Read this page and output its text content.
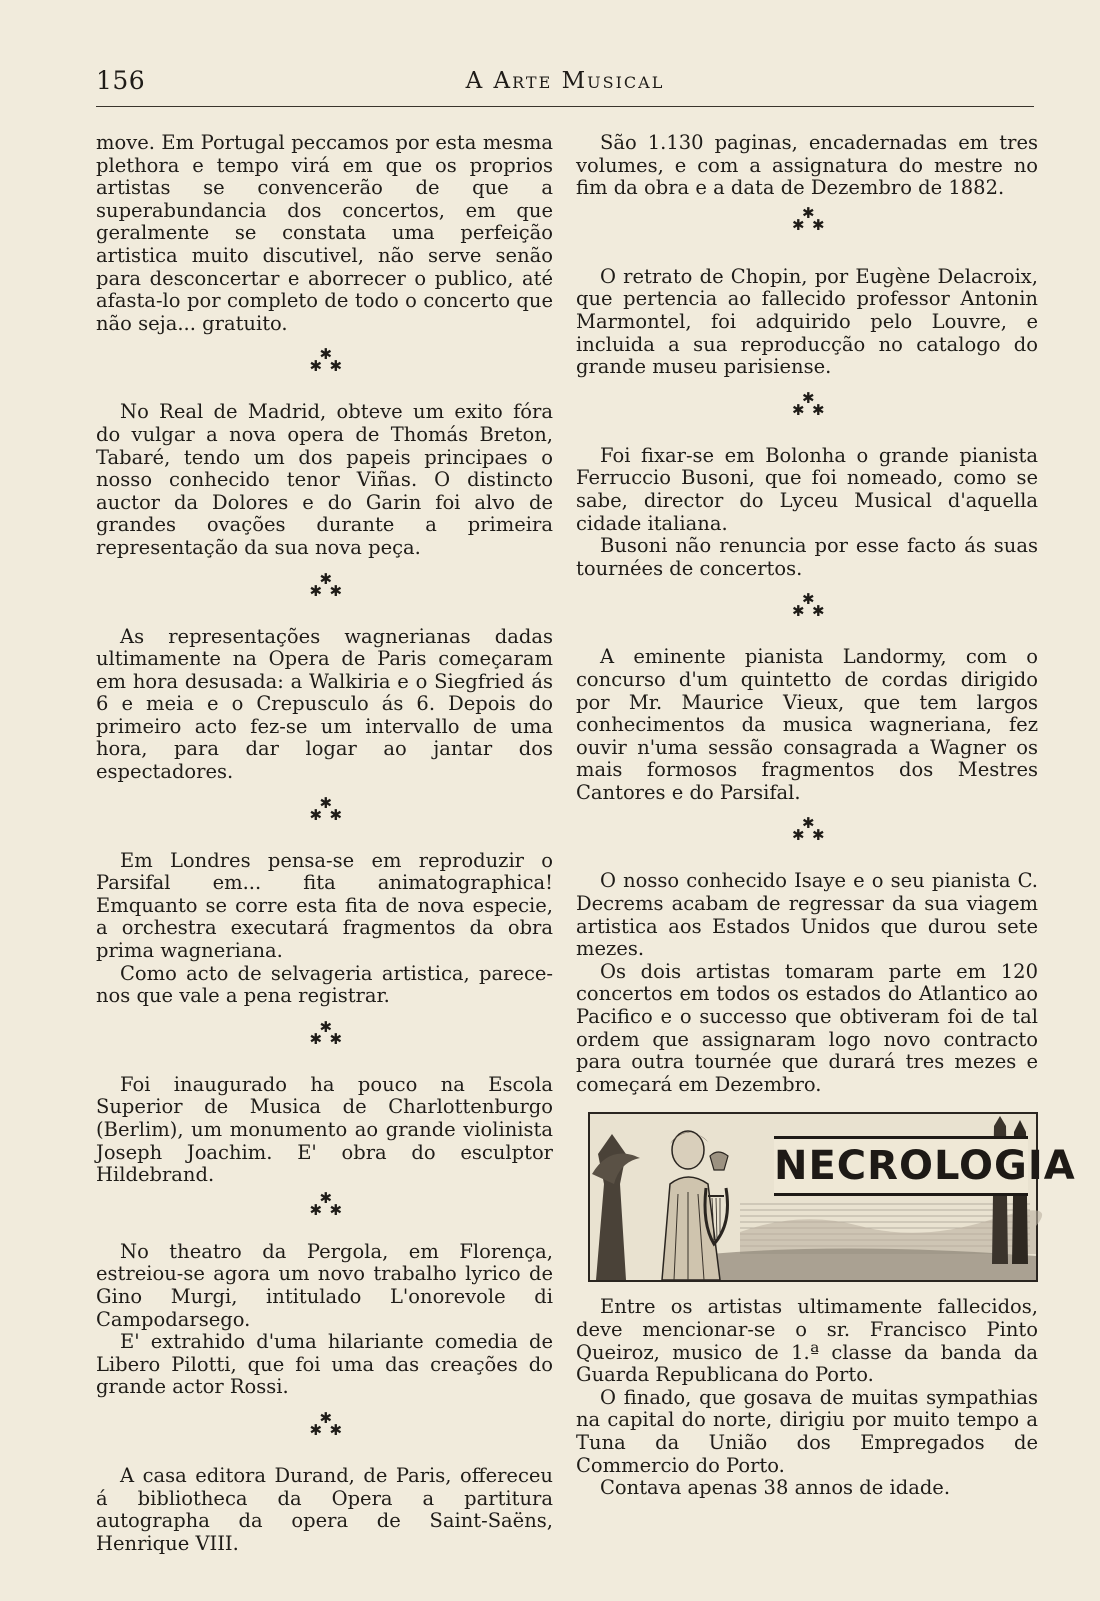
156	A Arte Musical

move. Em Portugal peccamos por esta mesma plethora e tempo virá em que os proprios artistas se convencerão de que a superabundancia dos concertos, em que geralmente se constata uma perfeição artistica muito discutivel, não serve senão para desconcertar e aborrecer o publico, até afasta-lo por completo de todo o concerto que não seja... gratuito.

✱
✱ ✱

No Real de Madrid, obteve um exito fóra do vulgar a nova opera de Thomás Breton, Tabaré, tendo um dos papeis principaes o nosso conhecido tenor Viñas. O distincto auctor da Dolores e do Garin foi alvo de grandes ovações durante a primeira representação da sua nova peça.

✱
✱ ✱

As representações wagnerianas dadas ultimamente na Opera de Paris começaram em hora desusada: a Walkiria e o Siegfried ás 6 e meia e o Crepusculo ás 6. Depois do primeiro acto fez-se um intervallo de uma hora, para dar logar ao jantar dos espectadores.

✱
✱ ✱

Em Londres pensa-se em reproduzir o Parsifal em... fita animatographica! Emquanto se corre esta fita de nova especie, a orchestra executará fragmentos da obra prima wagneriana.

Como acto de selvageria artistica, parece-nos que vale a pena registrar.

✱
✱ ✱

Foi inaugurado ha pouco na Escola Superior de Musica de Charlottenburgo (Berlim), um monumento ao grande violinista Joseph Joachim. E' obra do esculptor Hildebrand.

✱
✱ ✱

No theatro da Pergola, em Florença, estreiou-se agora um novo trabalho lyrico de Gino Murgi, intitulado L'onorevole di Campodarsego.

E' extrahido d'uma hilariante comedia de Libero Pilotti, que foi uma das creações do grande actor Rossi.

✱
✱ ✱

A casa editora Durand, de Paris, offereceu á bibliotheca da Opera a partitura autographa da opera de Saint-Saëns, Henrique VIII.

São 1.130 paginas, encadernadas em tres volumes, e com a assignatura do mestre no fim da obra e a data de Dezembro de 1882.

✱
✱ ✱

O retrato de Chopin, por Eugène Delacroix, que pertencia ao fallecido professor Antonin Marmontel, foi adquirido pelo Louvre, e incluida a sua reproducção no catalogo do grande museu parisiense.

✱
✱ ✱

Foi fixar-se em Bolonha o grande pianista Ferruccio Busoni, que foi nomeado, como se sabe, director do Lyceu Musical d'aquella cidade italiana.

Busoni não renuncia por esse facto ás suas tournées de concertos.

✱
✱ ✱

A eminente pianista Landormy, com o concurso d'um quintetto de cordas dirigido por Mr. Maurice Vieux, que tem largos conhecimentos da musica wagneriana, fez ouvir n'uma sessão consagrada a Wagner os mais formosos fragmentos dos Mestres Cantores e do Parsifal.

✱
✱ ✱

O nosso conhecido Isaye e o seu pianista C. Decrems acabam de regressar da sua viagem artistica aos Estados Unidos que durou sete mezes.

Os dois artistas tomaram parte em 120 concertos em todos os estados do Atlantico ao Pacifico e o successo que obtiveram foi de tal ordem que assignaram logo novo contracto para outra tournée que durará tres mezes e começará em Dezembro.

NECROLOGIA

Entre os artistas ultimamente fallecidos, deve mencionar-se o sr. Francisco Pinto Queiroz, musico de 1.ª classe da banda da Guarda Republicana do Porto.

O finado, que gosava de muitas sympathias na capital do norte, dirigiu por muito tempo a Tuna da União dos Empregados de Commercio do Porto.

Contava apenas 38 annos de idade.
